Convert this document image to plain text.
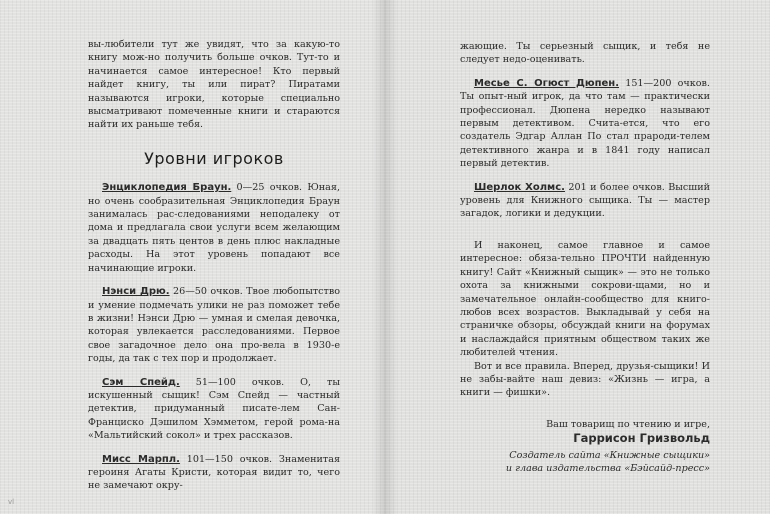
вы-любители тут же увидят, что за какую-то книгу мож-но получить больше очков. Тут-то и начинается самое интересное! Кто первый найдет книгу, ты или пират? Пиратами называются игроки, которые специально высматривают помеченные книги и стараются найти их раньше тебя.

Уровни игроков

Энциклопедия Браун. 0—25 очков. Юная, но очень сообразительная Энциклопедия Браун занималась рас-следованиями неподалеку от дома и предлагала свои услуги всем желающим за двадцать пять центов в день плюс накладные расходы. На этот уровень попадают все начинающие игроки.

Нэнси Дрю. 26—50 очков. Твое любопытство и умение подмечать улики не раз поможет тебе в жизни! Нэнси Дрю — умная и смелая девочка, которая увлекается расследованиями. Первое свое загадочное дело она про-вела в 1930-е годы, да так с тех пор и продолжает.

Сэм Спейд. 51—100 очков. О, ты искушенный сыщик! Сэм Спейд — частный детектив, придуманный писате-лем Сан-Франциско Дэшилом Хэмметом, герой рома-на «Мальтийский сокол» и трех рассказов.

Мисс Марпл. 101—150 очков. Знаменитая героиня Агаты Кристи, которая видит то, чего не замечают окру-

vl

жающие. Ты серьезный сыщик, и тебя не следует недо-оценивать.

Месье С. Огюст Дюпен. 151—200 очков. Ты опыт-ный игрок, да что там — практически профессионал. Дюпена нередко называют первым детективом. Счита-ется, что его создатель Эдгар Аллан По стал прароди-телем детективного жанра и в 1841 году написал первый детектив.

Шерлок Холмс. 201 и более очков. Высший уровень для Книжного сыщика. Ты — мастер загадок, логики и дедукции.

И наконец, самое главное и самое интересное: обяза-тельно ПРОЧТИ найденную книгу! Сайт «Книжный сыщик» — это не только охота за книжными сокрови-щами, но и замечательное онлайн-сообщество для книго-любов всех возрастов. Выкладывай у себя на страничке обзоры, обсуждай книги на форумах и наслаждайся приятным обществом таких же любителей чтения.

Вот и все правила. Вперед, друзья-сыщики! И не забы-вайте наш девиз: «Жизнь — игра, а книги — фишки».

Ваш товарищ по чтению и игре,
Гаррисон Гризвольд
Создатель сайта «Книжные сыщики»
и глава издательства «Бэйсайд-пресс»
